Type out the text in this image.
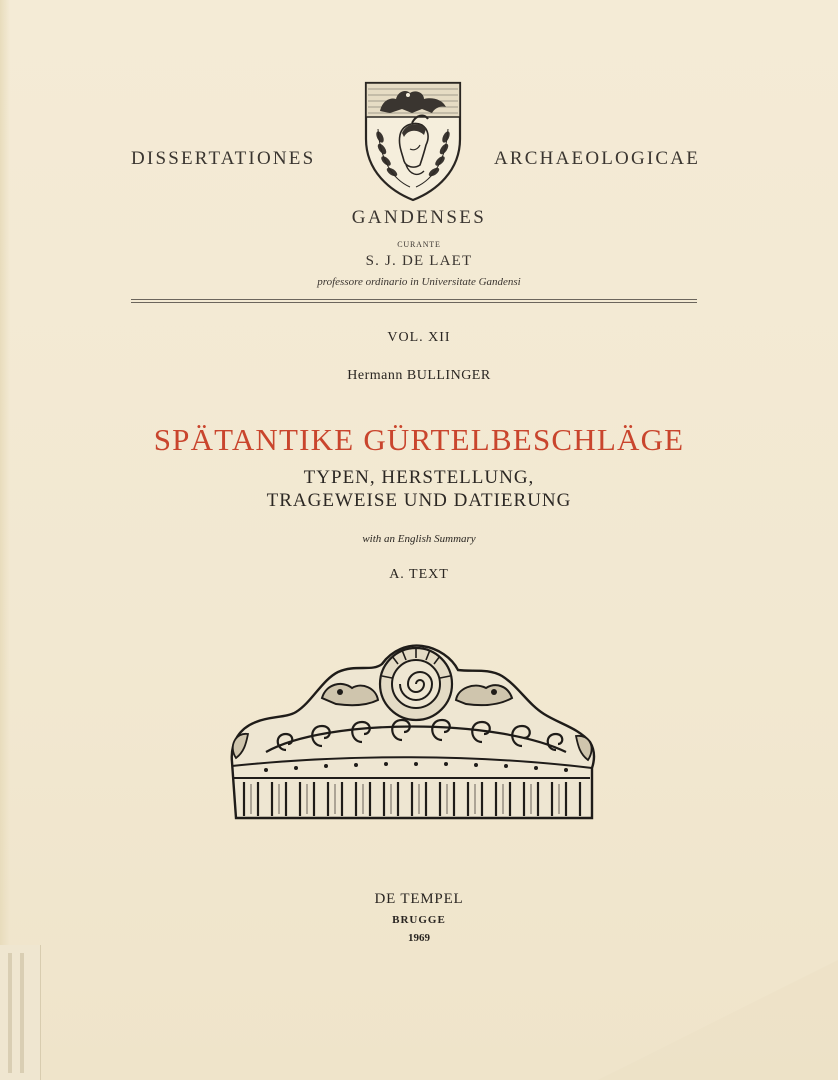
DISSERTATIONES	ARCHAEOLOGICAE
GANDENSES
CURANTE
S. J. DE LAET
professore ordinario in Universitate Gandensi
VOL. XII
Hermann BULLINGER
SPÄTANTIKE GÜRTELBESCHLÄGE
TYPEN, HERSTELLUNG,
TRAGEWEISE UND DATIERUNG
with an English Summary
A. TEXT
DE TEMPEL
BRUGGE
1969
